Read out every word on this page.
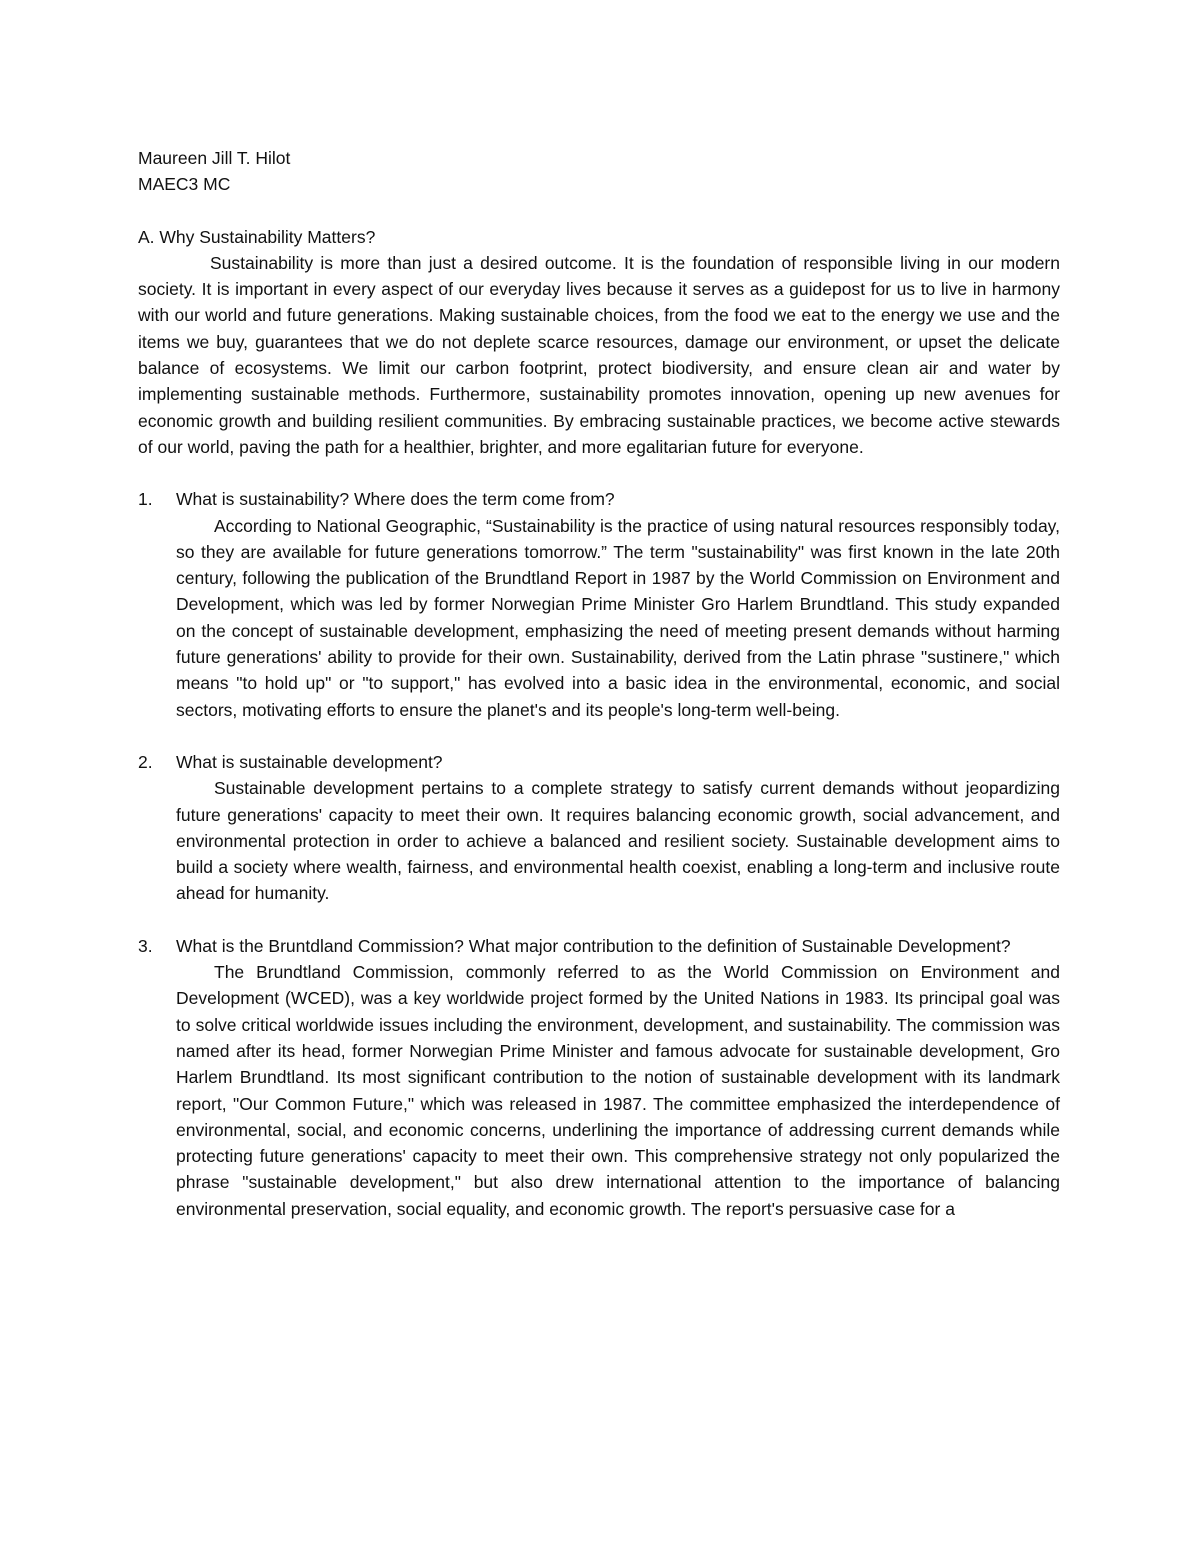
Maureen Jill T. Hilot

MAEC3 MC

A. Why Sustainability Matters?

Sustainability is more than just a desired outcome. It is the foundation of responsible living in our modern society. It is important in every aspect of our everyday lives because it serves as a guidepost for us to live in harmony with our world and future generations. Making sustainable choices, from the food we eat to the energy we use and the items we buy, guarantees that we do not deplete scarce resources, damage our environment, or upset the delicate balance of ecosystems. We limit our carbon footprint, protect biodiversity, and ensure clean air and water by implementing sustainable methods. Furthermore, sustainability promotes innovation, opening up new avenues for economic growth and building resilient communities. By embracing sustainable practices, we become active stewards of our world, paving the path for a healthier, brighter, and more egalitarian future for everyone.

1. What is sustainability? Where does the term come from?

According to National Geographic, “Sustainability is the practice of using natural resources responsibly today, so they are available for future generations tomorrow.” The term "sustainability" was first known in the late 20th century, following the publication of the Brundtland Report in 1987 by the World Commission on Environment and Development, which was led by former Norwegian Prime Minister Gro Harlem Brundtland. This study expanded on the concept of sustainable development, emphasizing the need of meeting present demands without harming future generations' ability to provide for their own. Sustainability, derived from the Latin phrase "sustinere," which means "to hold up" or "to support," has evolved into a basic idea in the environmental, economic, and social sectors, motivating efforts to ensure the planet's and its people's long-term well-being.

2. What is sustainable development?

Sustainable development pertains to a complete strategy to satisfy current demands without jeopardizing future generations' capacity to meet their own. It requires balancing economic growth, social advancement, and environmental protection in order to achieve a balanced and resilient society. Sustainable development aims to build a society where wealth, fairness, and environmental health coexist, enabling a long-term and inclusive route ahead for humanity.

3. What is the Bruntdland Commission? What major contribution to the definition of Sustainable Development?

The Brundtland Commission, commonly referred to as the World Commission on Environment and Development (WCED), was a key worldwide project formed by the United Nations in 1983. Its principal goal was to solve critical worldwide issues including the environment, development, and sustainability. The commission was named after its head, former Norwegian Prime Minister and famous advocate for sustainable development, Gro Harlem Brundtland. Its most significant contribution to the notion of sustainable development with its landmark report, "Our Common Future," which was released in 1987. The committee emphasized the interdependence of environmental, social, and economic concerns, underlining the importance of addressing current demands while protecting future generations' capacity to meet their own. This comprehensive strategy not only popularized the phrase "sustainable development," but also drew international attention to the importance of balancing environmental preservation, social equality, and economic growth. The report's persuasive case for a
